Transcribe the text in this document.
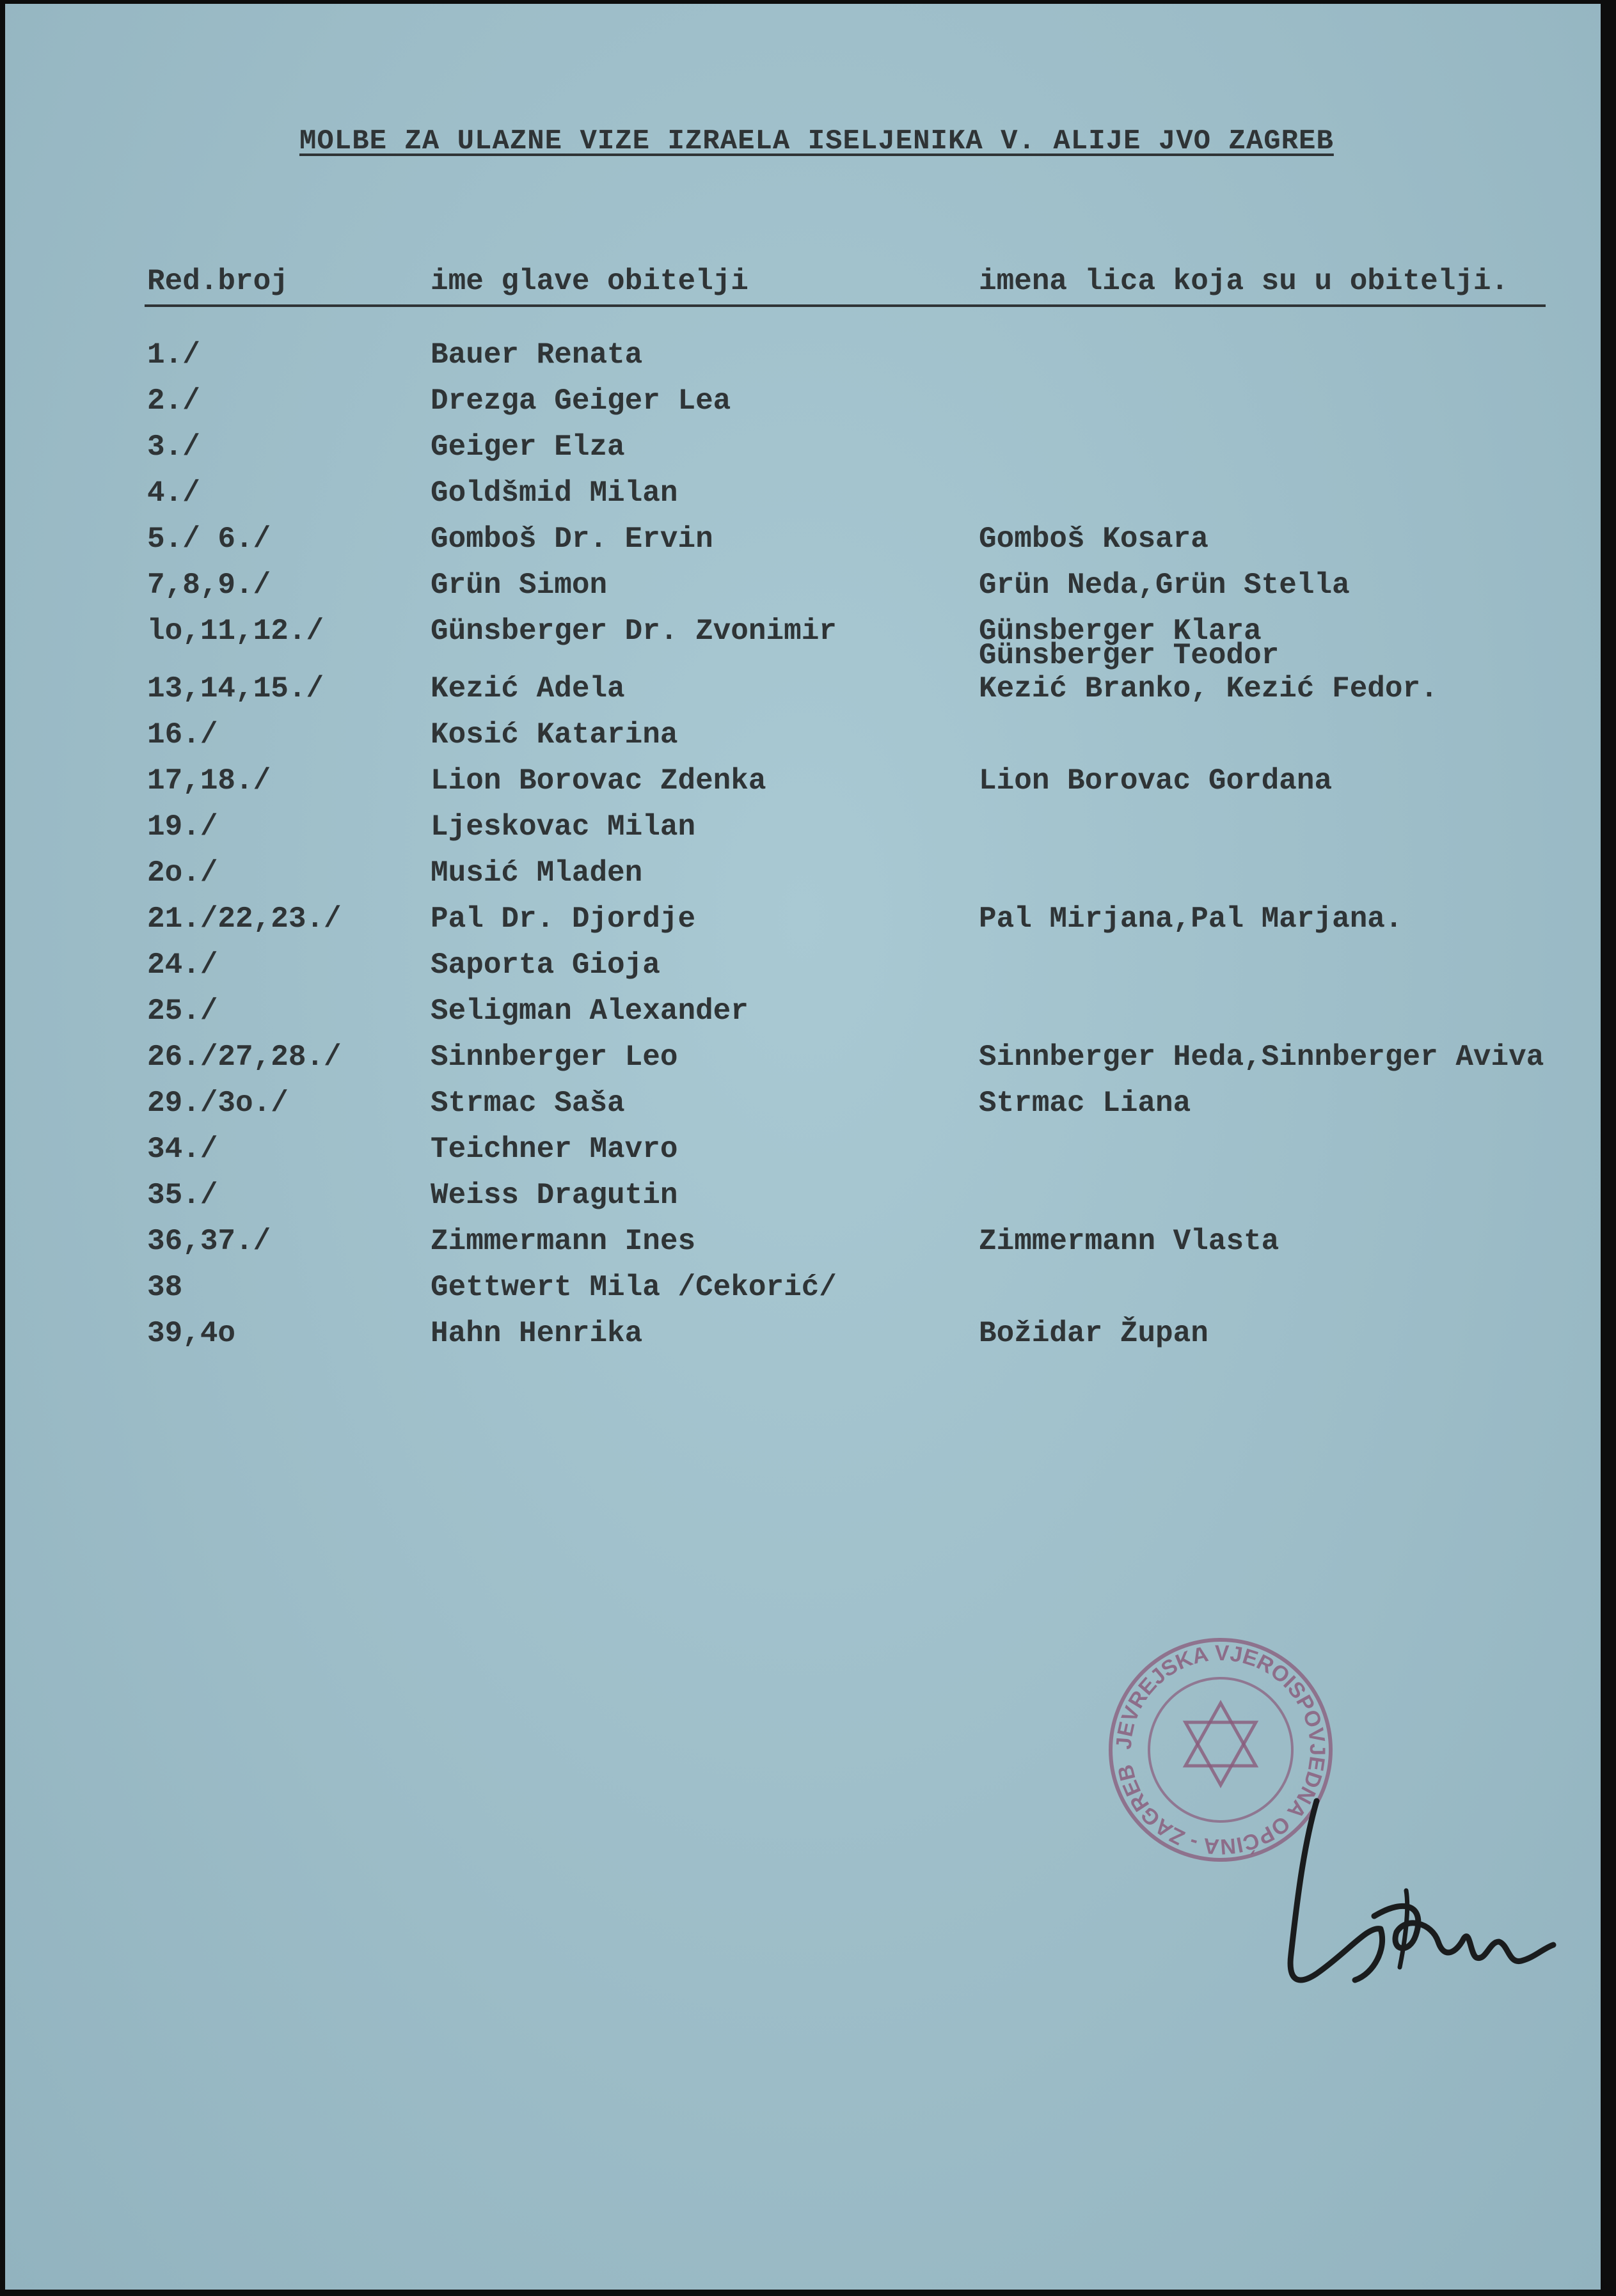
MOLBE ZA ULAZNE VIZE IZRAELA ISELJENIKA V. ALIJE JVO ZAGREB
Red.broj	ime glave obitelji	imena lica koja su u obitelji.
1./	Bauer Renata
2./	Drezga Geiger Lea
3./	Geiger Elza
4./	Goldšmid Milan
5./ 6./	Gomboš Dr. Ervin	Gomboš Kosara
7,8,9./	Grün Simon	Grün Neda,Grün Stella
lo,11,12./	Günsberger Dr. Zvonimir	Günsberger Klara
Günsberger Teodor
13,14,15./	Kezić Adela	Kezić Branko, Kezić Fedor.
16./	Kosić Katarina
17,18./	Lion Borovac Zdenka	Lion Borovac Gordana
19./	Ljeskovac Milan
2o./	Musić Mladen
21./22,23./	Pal Dr. Djordje	Pal Mirjana,Pal Marjana.
24./	Saporta Gioja
25./	Seligman Alexander
26./27,28./	Sinnberger Leo	Sinnberger Heda,Sinnberger Aviva
29./3o./	Strmac Saša	Strmac Liana
34./	Teichner Mavro
35./	Weiss Dragutin
36,37./	Zimmermann Ines	Zimmermann Vlasta
38	Gettwert Mila /Cekorić/
39,4o	Hahn Henrika	Božidar Župan
JEVREJSKA VJEROISPOVJEDNA OPĆINA - ZAGREB
